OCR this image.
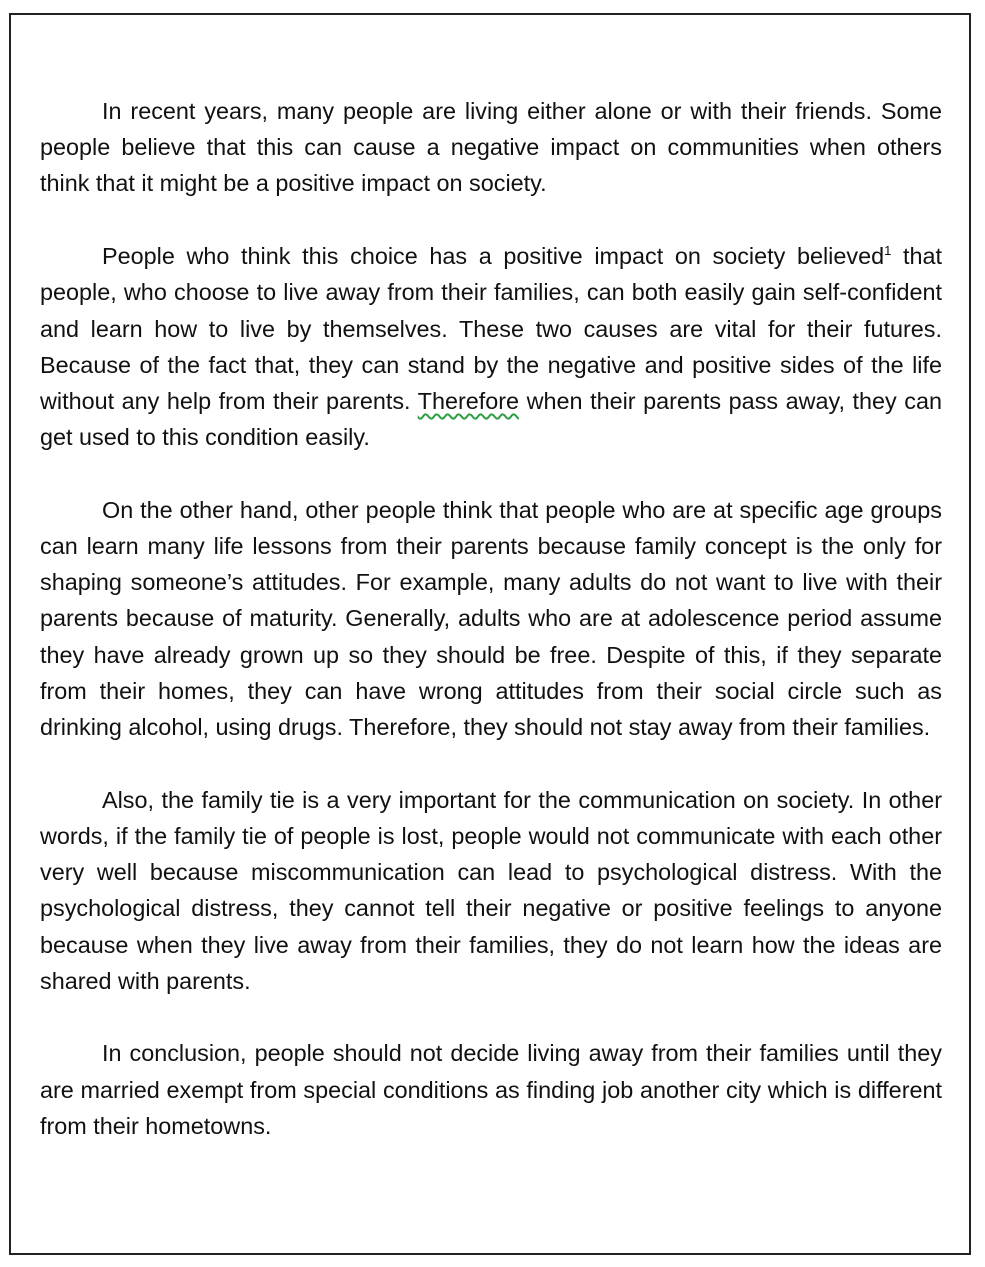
In recent years, many people are living either alone or with their friends. Some people believe that this can cause a negative impact on communities when others think that it might be a positive impact on society.

People who think this choice has a positive impact on society believed$^1$ that people, who choose to live away from their families, can both easily gain self-confident and learn how to live by themselves. These two causes are vital for their futures. Because of the fact that, they can stand by the negative and positive sides of the life without any help from their parents. Therefore when their parents pass away, they can get used to this condition easily.

On the other hand, other people think that people who are at specific age groups can learn many life lessons from their parents because family concept is the only for shaping someone’s attitudes. For example, many adults do not want to live with their parents because of maturity. Generally, adults who are at adolescence period assume they have already grown up so they should be free. Despite of this, if they separate from their homes, they can have wrong attitudes from their social circle such as drinking alcohol, using drugs. Therefore, they should not stay away from their families.

Also, the family tie is a very important for the communication on society. In other words, if the family tie of people is lost, people would not communicate with each other very well because miscommunication can lead to psychological distress. With the psychological distress, they cannot tell their negative or positive feelings to anyone because when they live away from their families, they do not learn how the ideas are shared with parents.

In conclusion, people should not decide living away from their families until they are married exempt from special conditions as finding job another city which is different from their hometowns.
